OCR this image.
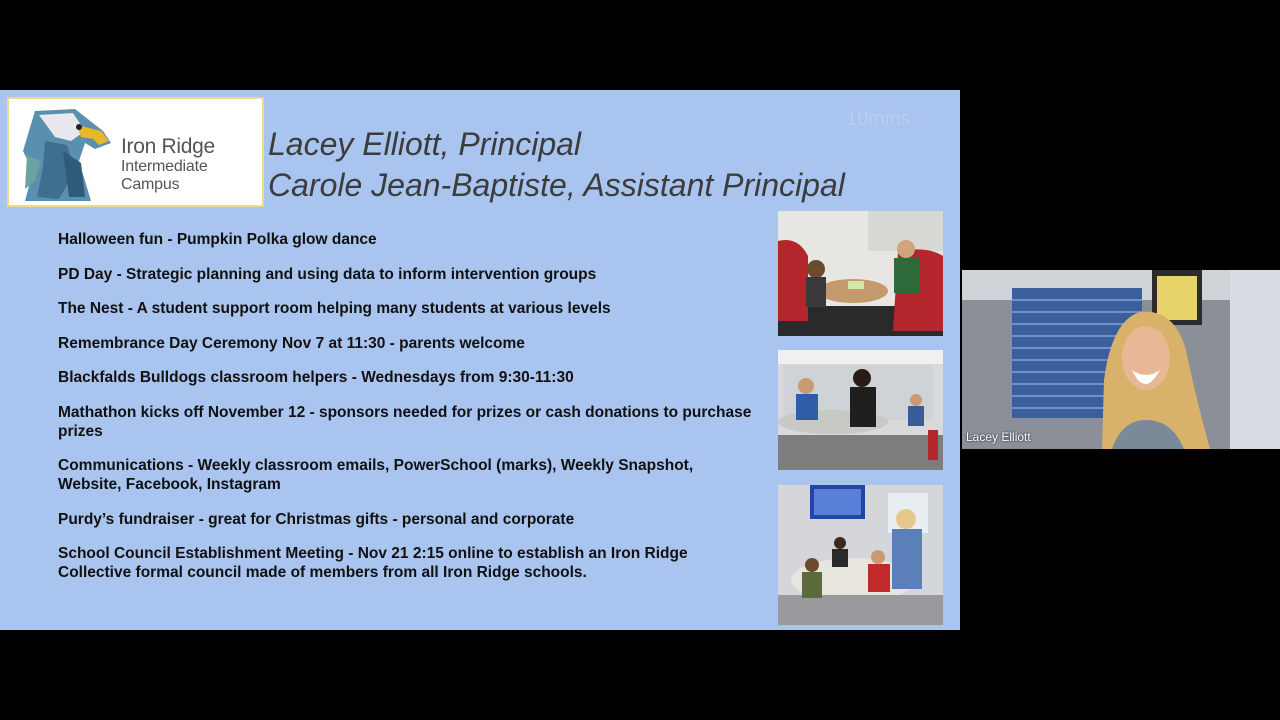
Iron Ridge
Intermediate Campus
Lacey Elliott, Principal
Carole Jean-Baptiste, Assistant Principal
10mins.
Halloween fun - Pumpkin Polka glow dance
PD Day - Strategic planning and using data to inform intervention groups
The Nest - A student support room helping many students at various levels
Remembrance Day Ceremony Nov 7 at 11:30 - parents welcome
Blackfalds Bulldogs classroom helpers - Wednesdays from 9:30-11:30
Mathathon kicks off November 12 - sponsors needed for prizes or cash donations to purchase prizes
Communications - Weekly classroom emails, PowerSchool (marks), Weekly Snapshot, Website, Facebook, Instagram
Purdy’s fundraiser - great for Christmas gifts - personal and corporate
School Council Establishment Meeting - Nov 21 2:15 online to establish an Iron Ridge Collective formal council made of members from all Iron Ridge schools.
Lacey Elliott
